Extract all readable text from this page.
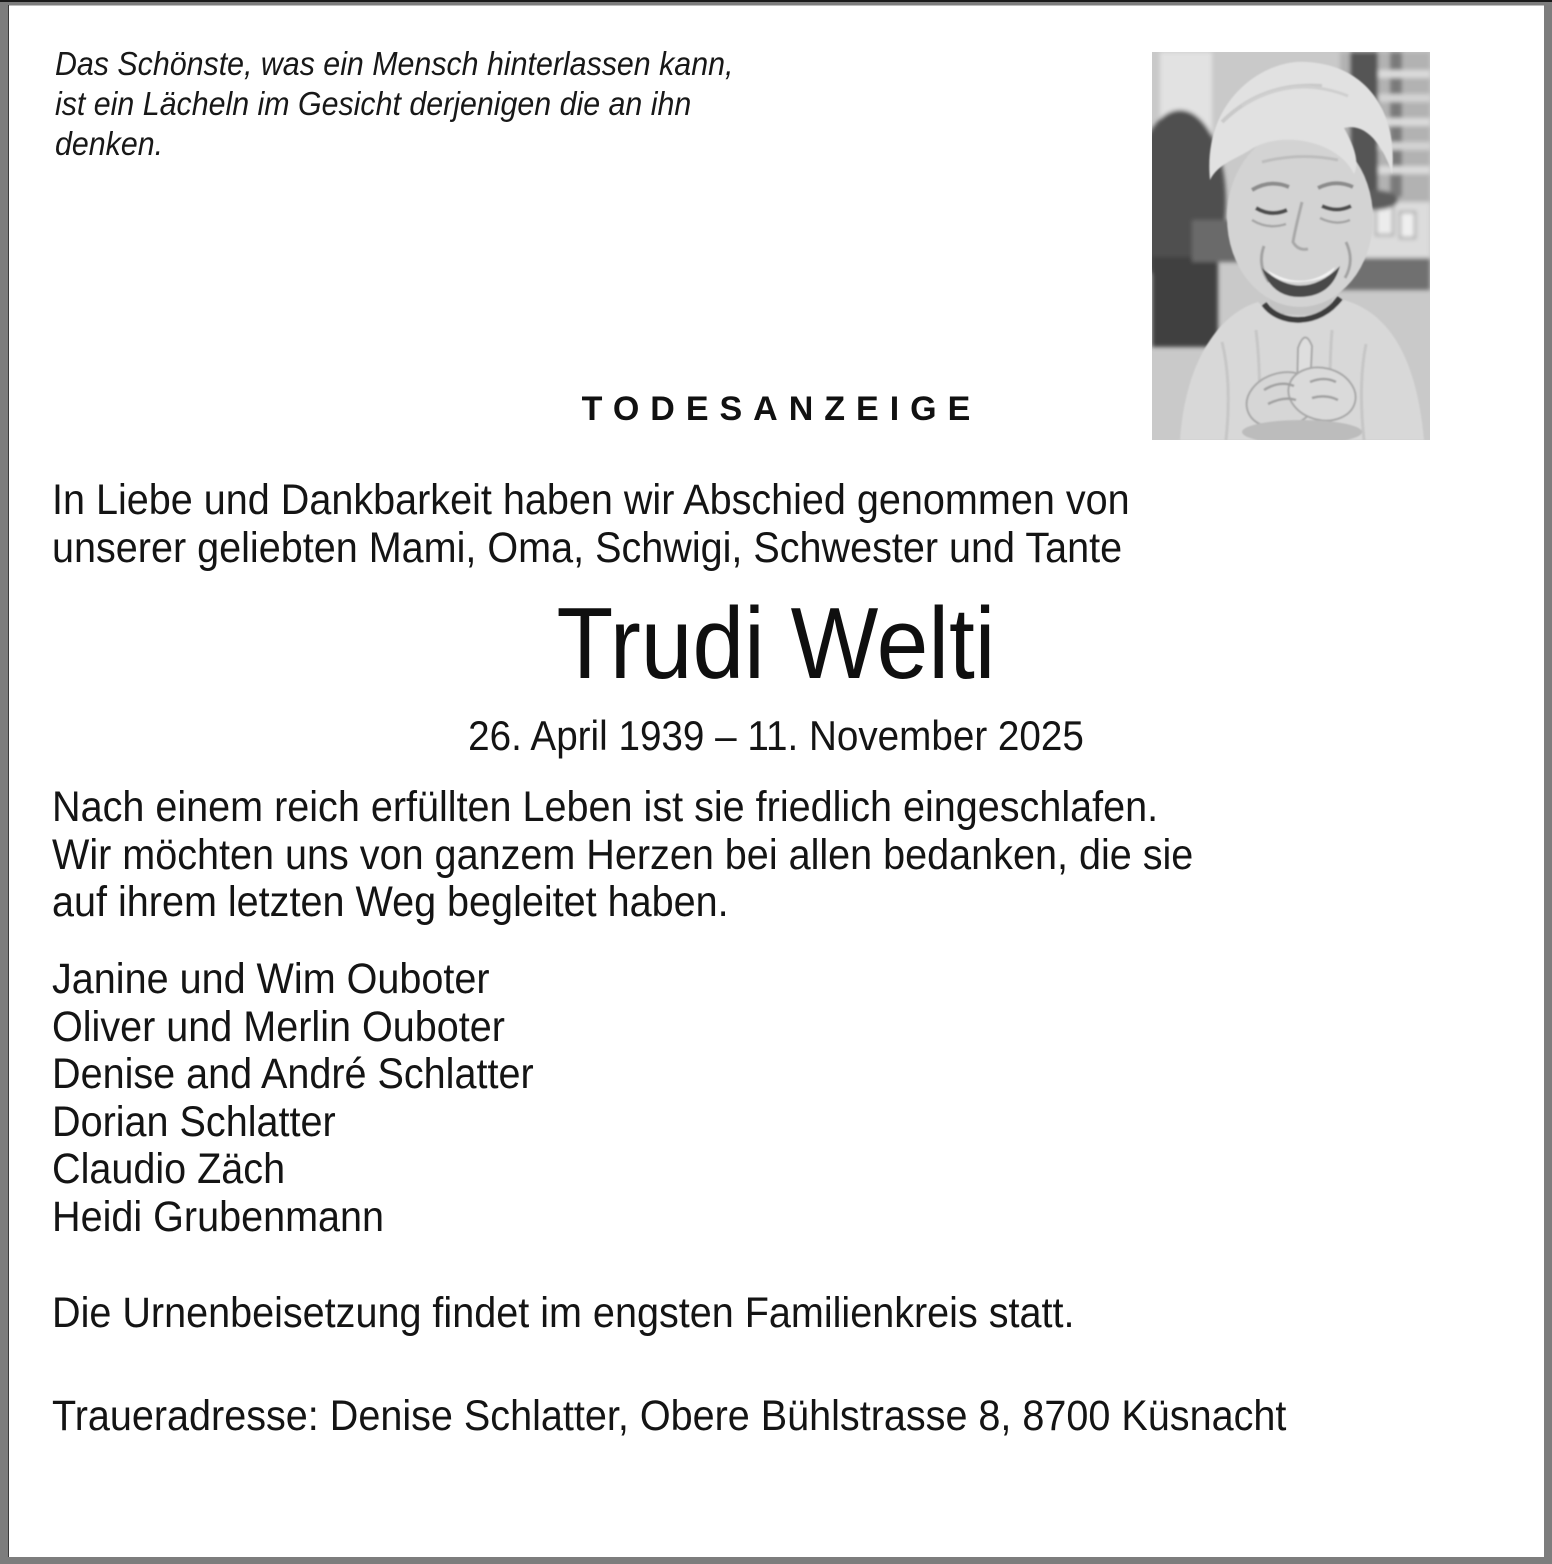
Das Schönste, was ein Mensch hinterlassen kann,
ist ein Lächeln im Gesicht derjenigen die an ihn
denken.
TODESANZEIGE
In Liebe und Dankbarkeit haben wir Abschied genommen von
unserer geliebten Mami, Oma, Schwigi, Schwester und Tante
Trudi Welti
26. April 1939 – 11. November 2025
Nach einem reich erfüllten Leben ist sie friedlich eingeschlafen.
Wir möchten uns von ganzem Herzen bei allen bedanken, die sie
auf ihrem letzten Weg begleitet haben.
Janine und Wim Ouboter
Oliver und Merlin Ouboter
Denise and André Schlatter
Dorian Schlatter
Claudio Zäch
Heidi Grubenmann
Die Urnenbeisetzung findet im engsten Familienkreis statt.
Traueradresse: Denise Schlatter, Obere Bühlstrasse 8, 8700 Küsnacht
